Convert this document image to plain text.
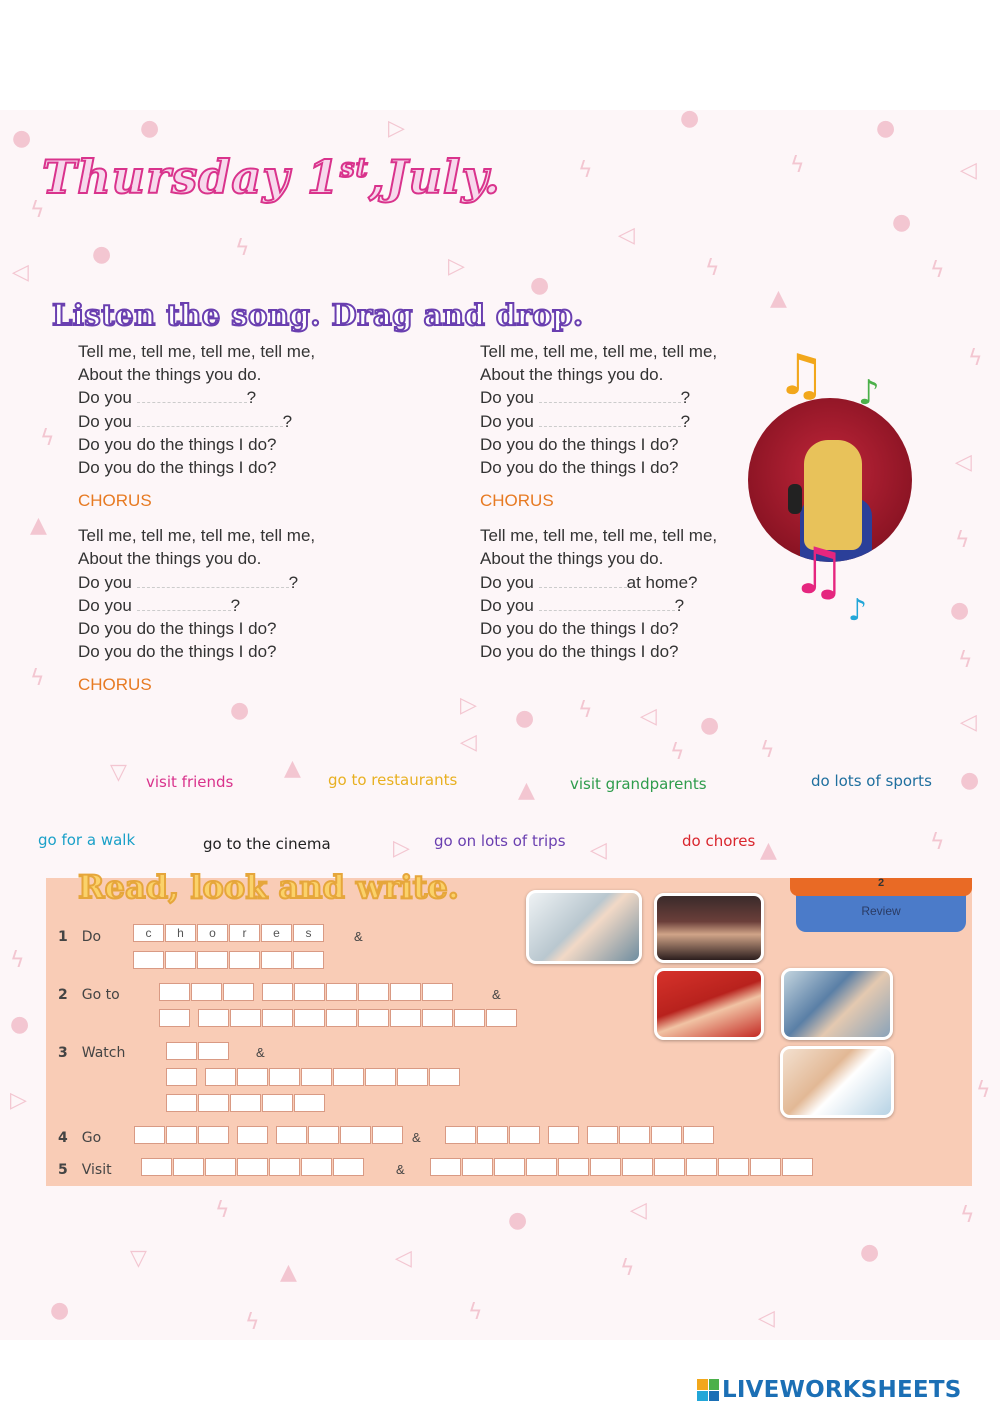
●	▷
ϟ
●
ϟ
●
◁
●
ϟ
ϟ
●	▷
●
◁
ϟ
▲
●
ϟ
◁
ϟ
ϟ
◁
▲
ϟ
●
ϟ
ϟ
◁
●	▷
● ϟ ◁ ●
ϟ
◁	ϟ
▽	▲
▲	●
▷	◁	▲	ϟ
ϟ
●
▷	ϟ
ϟ	●	◁	ϟ
▽
▲
◁	ϟ
●
●	ϟ	ϟ	◁
Thursday 1st,July.
Listen the song. Drag and drop.
Tell me, tell me, tell me, tell me,
About the things you do.
Do you	?
Do you	?
Do you do the things I do?
Do you do the things I do?
CHORUS
Tell me, tell me, tell me, tell me,
About the things you do.
Do you	?
Do you	?
Do you do the things I do?
Do you do the things I do?
CHORUS
Tell me, tell me, tell me, tell me,
About the things you do.
Do you	?
Do you	?
Do you do the things I do?
Do you do the things I do?
CHORUS
Tell me, tell me, tell me, tell me,
About the things you do.
Do you	at home?
Do you	?
Do you do the things I do?
Do you do the things I do?
♫ ♪
♫
♪
visit friends	go to restaurants	visit grandparents	do lots of sports
go for a walk	go to the cinema	go on lots of trips	do chores
Read, look and write.
Review
2
1 Do	c	h	o	r	e	s	&
2 Go to	&
3 Watch	&
4 Go	&
5 Visit	&
LIVEWORKSHEETS
